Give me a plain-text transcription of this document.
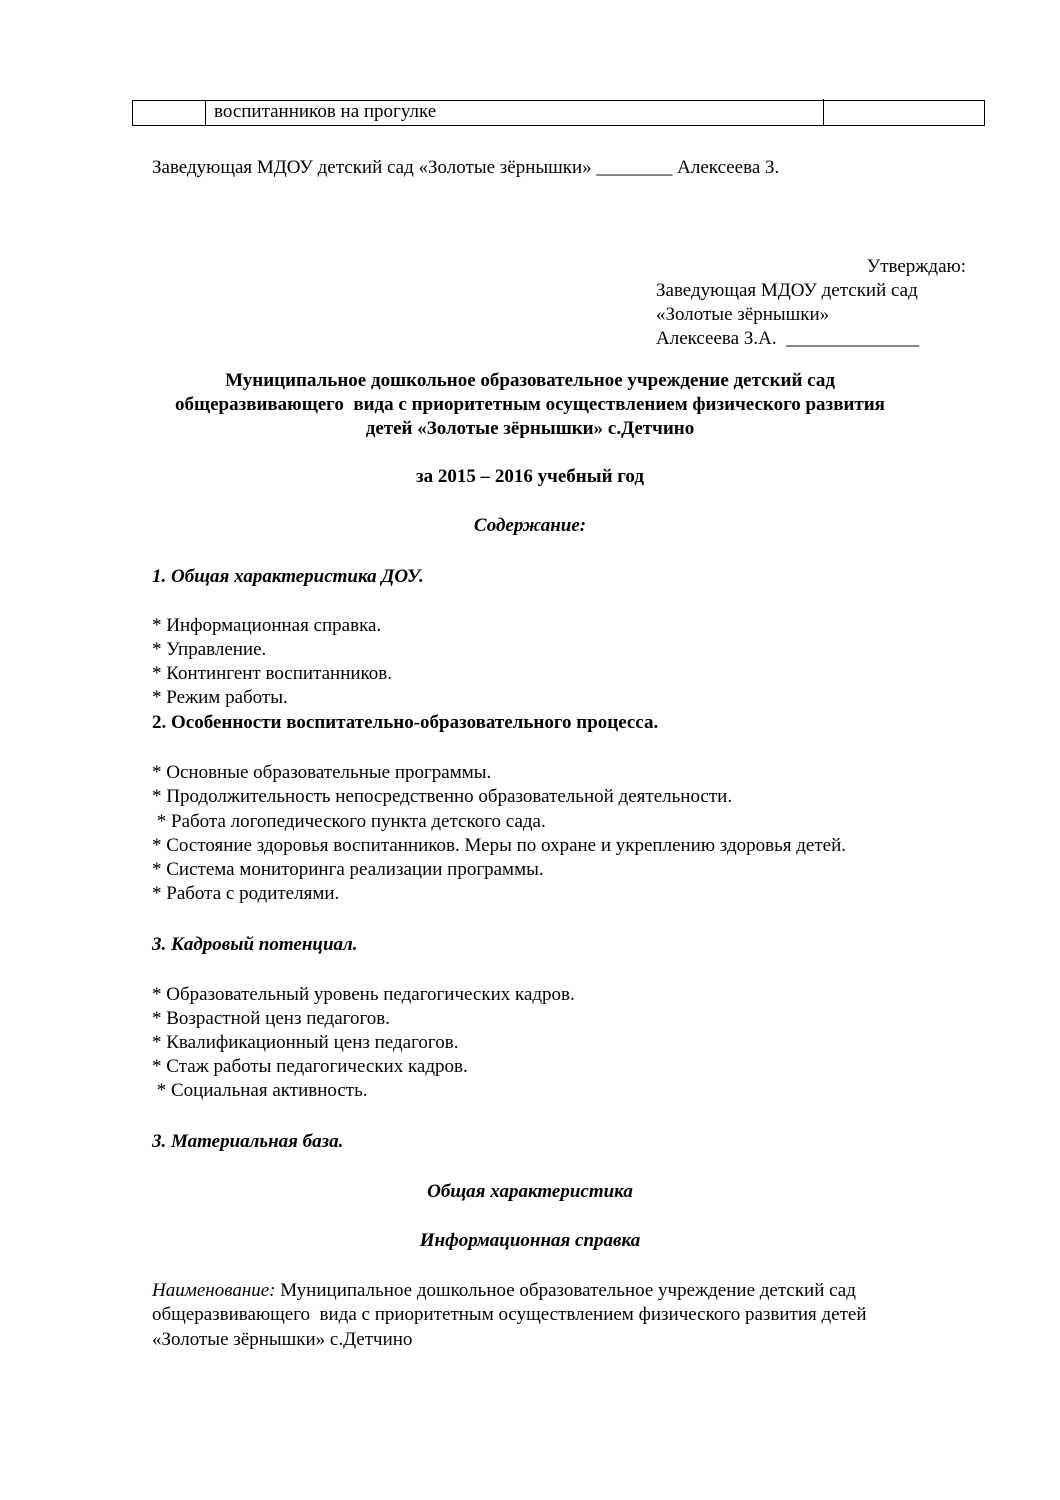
воспитанников на прогулке
Заведующая МДОУ детский сад «Золотые зёрнышки» ________ Алексеева З.
Утверждаю:
Заведующая МДОУ детский сад
«Золотые зёрнышки»
Алексеева З.А.  ______________
Муниципальное дошкольное образовательное учреждение детский сад
общеразвивающего  вида с приоритетным осуществлением физического развития
детей «Золотые зёрнышки» с.Детчино
за 2015 – 2016 учебный год
Содержание:
1. Общая характеристика ДОУ.
* Информационная справка.
* Управление.
* Контингент воспитанников.
* Режим работы.
2. Особенности воспитательно-образовательного процесса.
* Основные образовательные программы.
* Продолжительность непосредственно образовательной деятельности.
* Работа логопедического пункта детского сада.
* Состояние здоровья воспитанников. Меры по охране и укреплению здоровья детей.
* Система мониторинга реализации программы.
* Работа с родителями.
3. Кадровый потенциал.
* Образовательный уровень педагогических кадров.
* Возрастной ценз педагогов.
* Квалификационный ценз педагогов.
* Стаж работы педагогических кадров.
* Социальная активность.
3. Материальная база.
Общая характеристика
Информационная справка
Наименование: Муниципальное дошкольное образовательное учреждение детский сад
общеразвивающего  вида с приоритетным осуществлением физического развития детей
«Золотые зёрнышки» с.Детчино
